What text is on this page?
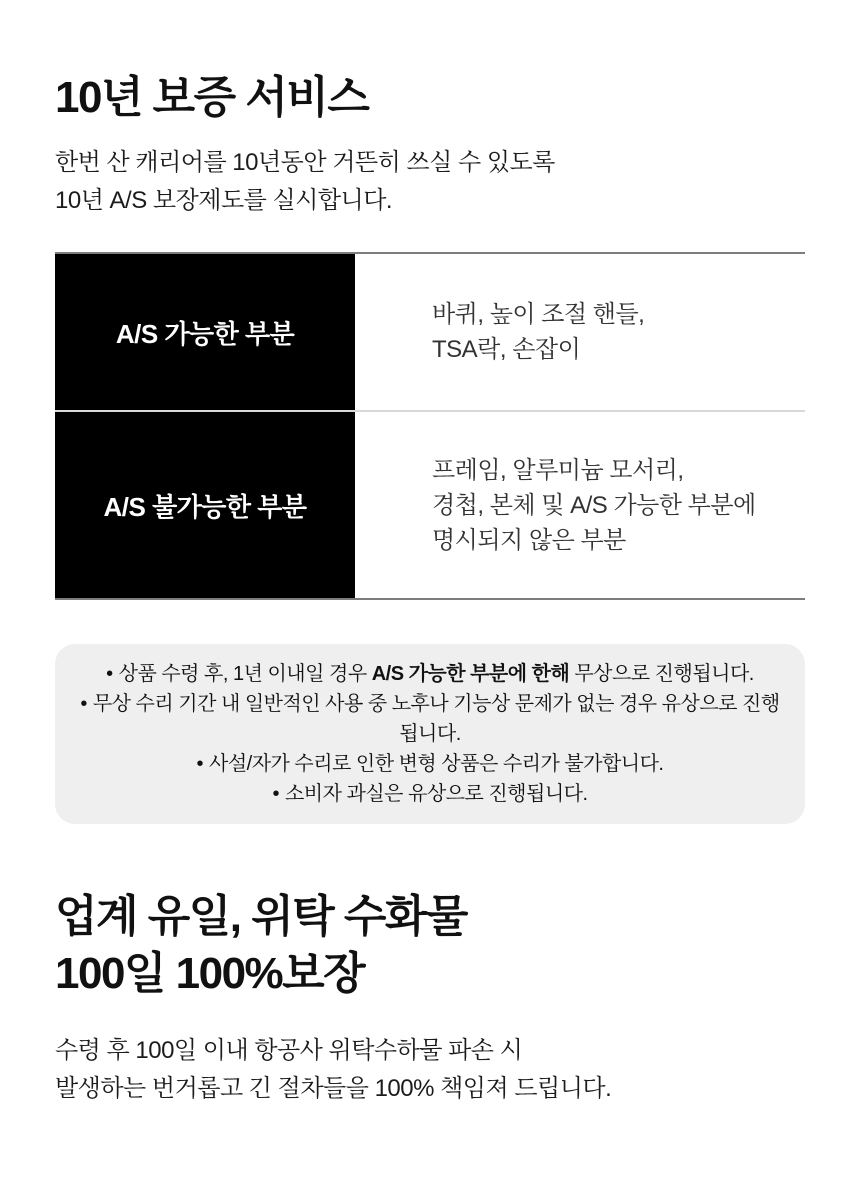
10년 보증 서비스
한번 산 캐리어를 10년동안 거뜬히 쓰실 수 있도록
10년 A/S 보장제도를 실시합니다.
A/S 가능한 부분
바퀴, 높이 조절 핸들,
TSA락, 손잡이
A/S 불가능한 부분
프레임, 알루미늄 모서리,
경첩, 본체 및 A/S 가능한 부분에
명시되지 않은 부분
• 상품 수령 후, 1년 이내일 경우 A/S 가능한 부분에 한해 무상으로 진행됩니다.
• 무상 수리 기간 내 일반적인 사용 중 노후나 기능상 문제가 없는 경우 유상으로 진행됩니다.
• 사설/자가 수리로 인한 변형 상품은 수리가 불가합니다.
• 소비자 과실은 유상으로 진행됩니다.
업계 유일, 위탁 수화물
100일 100%보장
수령 후 100일 이내 항공사 위탁수하물 파손 시
발생하는 번거롭고 긴 절차들을 100% 책임져 드립니다.
